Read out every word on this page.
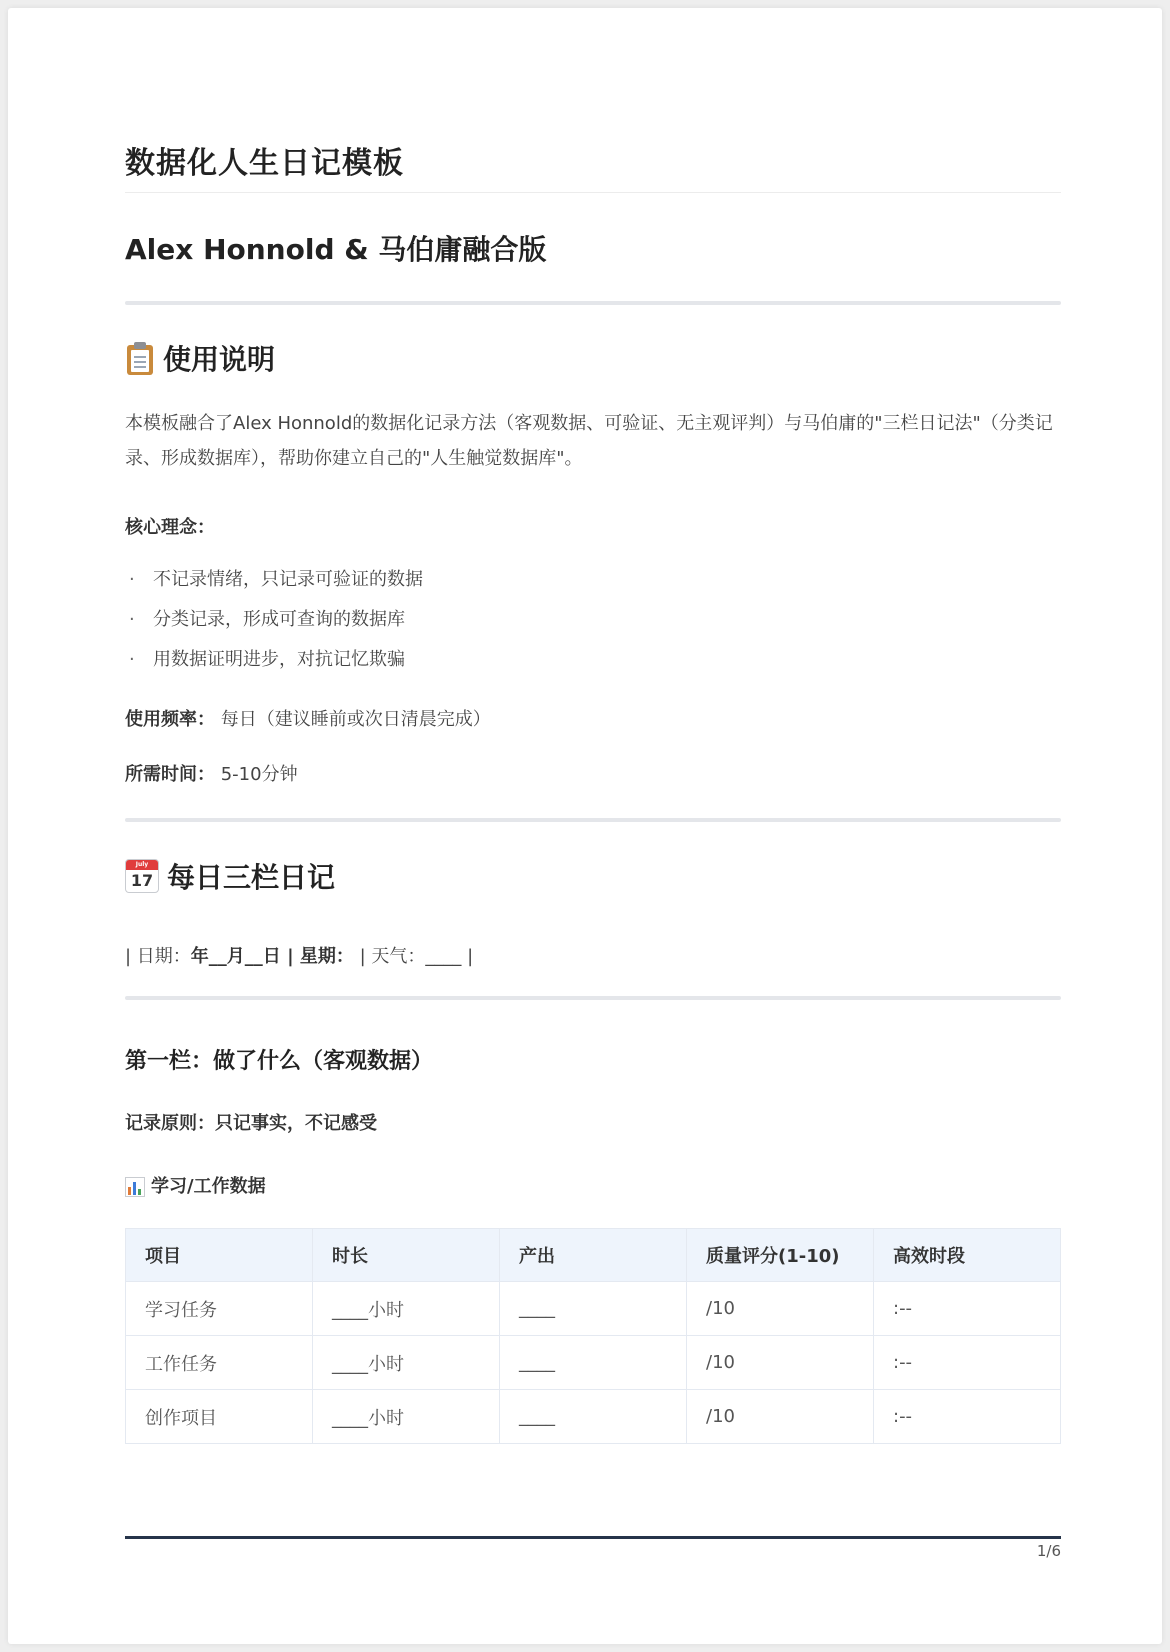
数据化人生日记模板
Alex Honnold & 马伯庸融合版
使用说明

本模板融合了Alex Honnold的数据化记录方法（客观数据、可验证、无主观评判）与马伯庸的"三栏日记法"（分类记录、形成数据库），帮助你建立自己的"人生触觉数据库"。

核心理念：
·	不记录情绪，只记录可验证的数据
·	分类记录，形成可查询的数据库
·	用数据证明进步，对抗记忆欺骗
使用频率： 每日（建议睡前或次日清晨完成）
所需时间： 5-10分钟
July
17 每日三栏日记
| 日期：年__月__日 | 星期： | 天气：____ |
第一栏：做了什么（客观数据）
记录原则：只记事实，不记感受
学习/工作数据
项目	时长	产出	质量评分(1-10)	高效时段
学习任务	____小时	____	/10	:--
工作任务	____小时	____	/10	:--
创作项目	____小时	____	/10	:--
1/6
